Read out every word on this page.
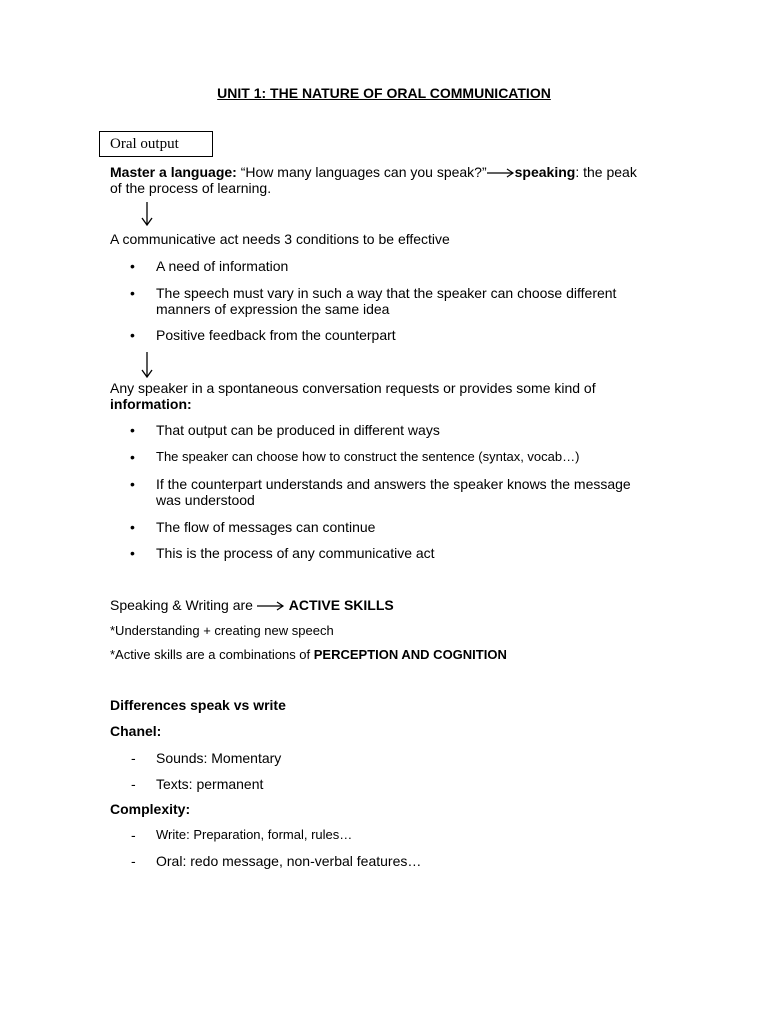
UNIT 1: THE NATURE OF ORAL COMMUNICATION
Oral output
Master a language: “How many languages can you speak?” speaking: the peak
of the process of learning.
A communicative act needs 3 conditions to be effective
• A need of information
• The speech must vary in such a way that the speaker can choose different
manners of expression the same idea
• Positive feedback from the counterpart
Any speaker in a spontaneous conversation requests or provides some kind of
information:
• That output can be produced in different ways
• The speaker can choose how to construct the sentence (syntax, vocab…)
• If the counterpart understands and answers the speaker knows the message
was understood
• The flow of messages can continue
• This is the process of any communicative act
Speaking & Writing are	ACTIVE SKILLS
*Understanding + creating new speech
*Active skills are a combinations of PERCEPTION AND COGNITION
Differences speak vs write
Chanel:
- Sounds: Momentary
- Texts: permanent
Complexity:
- Write: Preparation, formal, rules…
- Oral: redo message, non-verbal features…
